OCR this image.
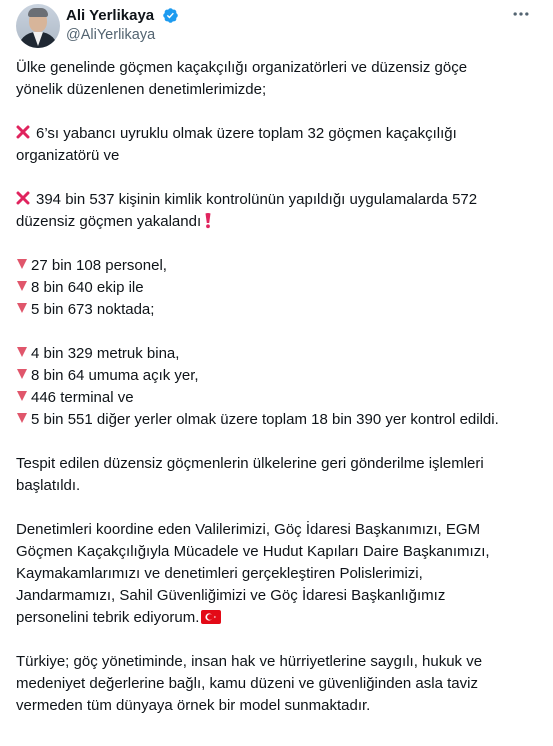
Ali Yerlikaya
@AliYerlikaya

Ülke genelinde göçmen kaçakçılığı organizatörleri ve düzensiz göçe
yönelik düzenlenen denetimlerimizde;

6’sı yabancı uyruklu olmak üzere toplam 32 göçmen kaçakçılığı
organizatörü ve

394 bin 537 kişinin kimlik kontrolünün yapıldığı uygulamalarda 572
düzensiz göçmen yakalandı

27 bin 108 personel,
8 bin 640 ekip ile
5 bin 673 noktada;

4 bin 329 metruk bina,
8 bin 64 umuma açık yer,
446 terminal ve
5 bin 551 diğer yerler olmak üzere toplam 18 bin 390 yer kontrol edildi.

Tespit edilen düzensiz göçmenlerin ülkelerine geri gönderilme işlemleri
başlatıldı.

Denetimleri koordine eden Valilerimizi, Göç İdaresi Başkanımızı, EGM
Göçmen Kaçakçılığıyla Mücadele ve Hudut Kapıları Daire Başkanımızı,
Kaymakamlarımızı ve denetimleri gerçekleştiren Polislerimizi,
Jandarmamızı, Sahil Güvenliğimizi ve Göç İdaresi Başkanlığımız
personelini tebrik ediyorum.

Türkiye; göç yönetiminde, insan hak ve hürriyetlerine saygılı, hukuk ve
medeniyet değerlerine bağlı, kamu düzeni ve güvenliğinden asla taviz
vermeden tüm dünyaya örnek bir model sunmaktadır.
